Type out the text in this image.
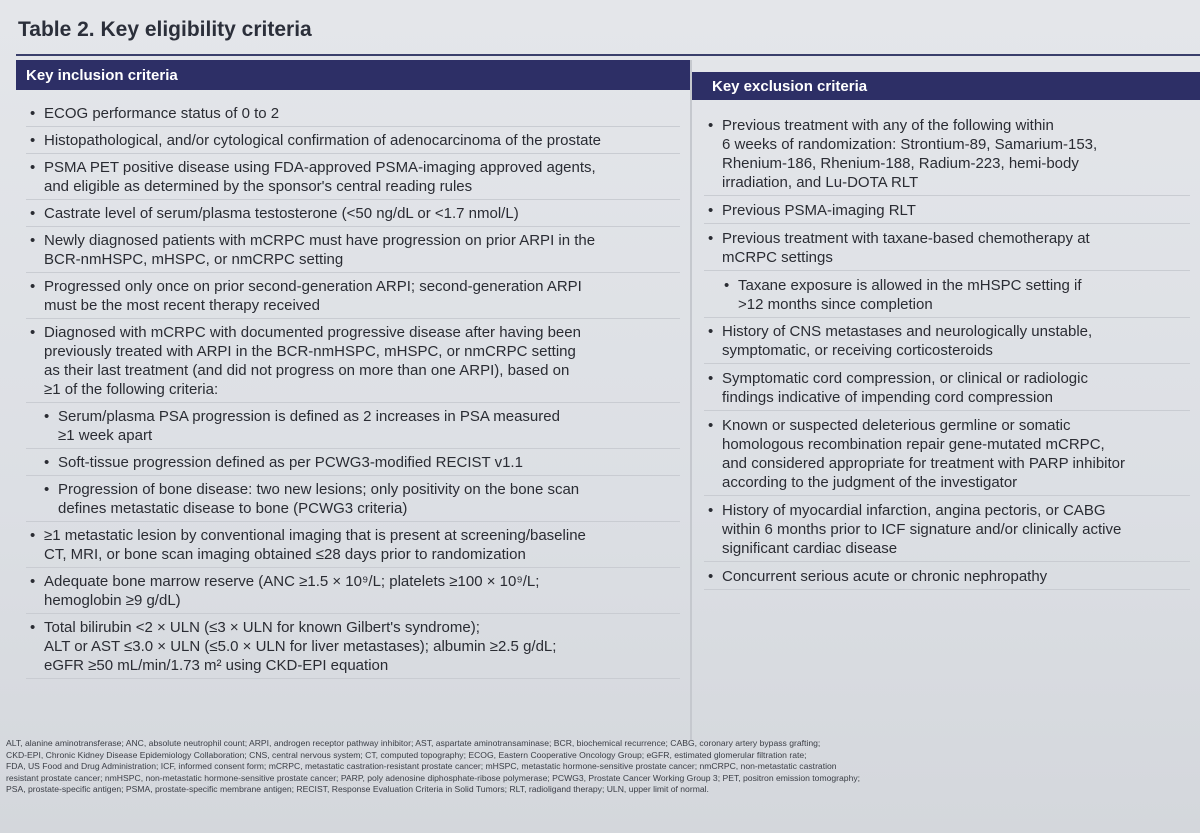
Table 2. Key eligibility criteria
Key inclusion criteria
• ECOG performance status of 0 to 2
• Histopathological, and/or cytological confirmation of adenocarcinoma of the prostate
• PSMA PET positive disease using FDA-approved PSMA-imaging approved agents,
and eligible as determined by the sponsor's central reading rules
• Castrate level of serum/plasma testosterone (<50 ng/dL or <1.7 nmol/L)
• Newly diagnosed patients with mCRPC must have progression on prior ARPI in the
BCR-nmHSPC, mHSPC, or nmCRPC setting
• Progressed only once on prior second-generation ARPI; second-generation ARPI
must be the most recent therapy received
• Diagnosed with mCRPC with documented progressive disease after having been
previously treated with ARPI in the BCR-nmHSPC, mHSPC, or nmCRPC setting
as their last treatment (and did not progress on more than one ARPI), based on
≥1 of the following criteria:
• Serum/plasma PSA progression is defined as 2 increases in PSA measured
≥1 week apart
• Soft-tissue progression defined as per PCWG3-modified RECIST v1.1
• Progression of bone disease: two new lesions; only positivity on the bone scan
defines metastatic disease to bone (PCWG3 criteria)
• ≥1 metastatic lesion by conventional imaging that is present at screening/baseline
CT, MRI, or bone scan imaging obtained ≤28 days prior to randomization
• Adequate bone marrow reserve (ANC ≥1.5 × 10⁹/L; platelets ≥100 × 10⁹/L;
hemoglobin ≥9 g/dL)
• Total bilirubin <2 × ULN (≤3 × ULN for known Gilbert's syndrome);
ALT or AST ≤3.0 × ULN (≤5.0 × ULN for liver metastases); albumin ≥2.5 g/dL;
eGFR ≥50 mL/min/1.73 m² using CKD-EPI equation
Key exclusion criteria
• Previous treatment with any of the following within
6 weeks of randomization: Strontium-89, Samarium-153,
Rhenium-186, Rhenium-188, Radium-223, hemi-body
irradiation, and Lu-DOTA RLT
• Previous PSMA-imaging RLT
• Previous treatment with taxane-based chemotherapy at
mCRPC settings
• Taxane exposure is allowed in the mHSPC setting if
>12 months since completion
• History of CNS metastases and neurologically unstable,
symptomatic, or receiving corticosteroids
• Symptomatic cord compression, or clinical or radiologic
findings indicative of impending cord compression
• Known or suspected deleterious germline or somatic
homologous recombination repair gene-mutated mCRPC,
and considered appropriate for treatment with PARP inhibitor
according to the judgment of the investigator
• History of myocardial infarction, angina pectoris, or CABG
within 6 months prior to ICF signature and/or clinically active
significant cardiac disease
• Concurrent serious acute or chronic nephropathy
ALT, alanine aminotransferase; ANC, absolute neutrophil count; ARPI, androgen receptor pathway inhibitor; AST, aspartate aminotransaminase; BCR, biochemical recurrence; CABG, coronary artery bypass grafting;
CKD-EPI, Chronic Kidney Disease Epidemiology Collaboration; CNS, central nervous system; CT, computed topography; ECOG, Eastern Cooperative Oncology Group; eGFR, estimated glomerular filtration rate;
FDA, US Food and Drug Administration; ICF, informed consent form; mCRPC, metastatic castration-resistant prostate cancer; mHSPC, metastatic hormone-sensitive prostate cancer; nmCRPC, non-metastatic castration
resistant prostate cancer; nmHSPC, non-metastatic hormone-sensitive prostate cancer; PARP, poly adenosine diphosphate-ribose polymerase; PCWG3, Prostate Cancer Working Group 3; PET, positron emission tomography;
PSA, prostate-specific antigen; PSMA, prostate-specific membrane antigen; RECIST, Response Evaluation Criteria in Solid Tumors; RLT, radioligand therapy; ULN, upper limit of normal.
